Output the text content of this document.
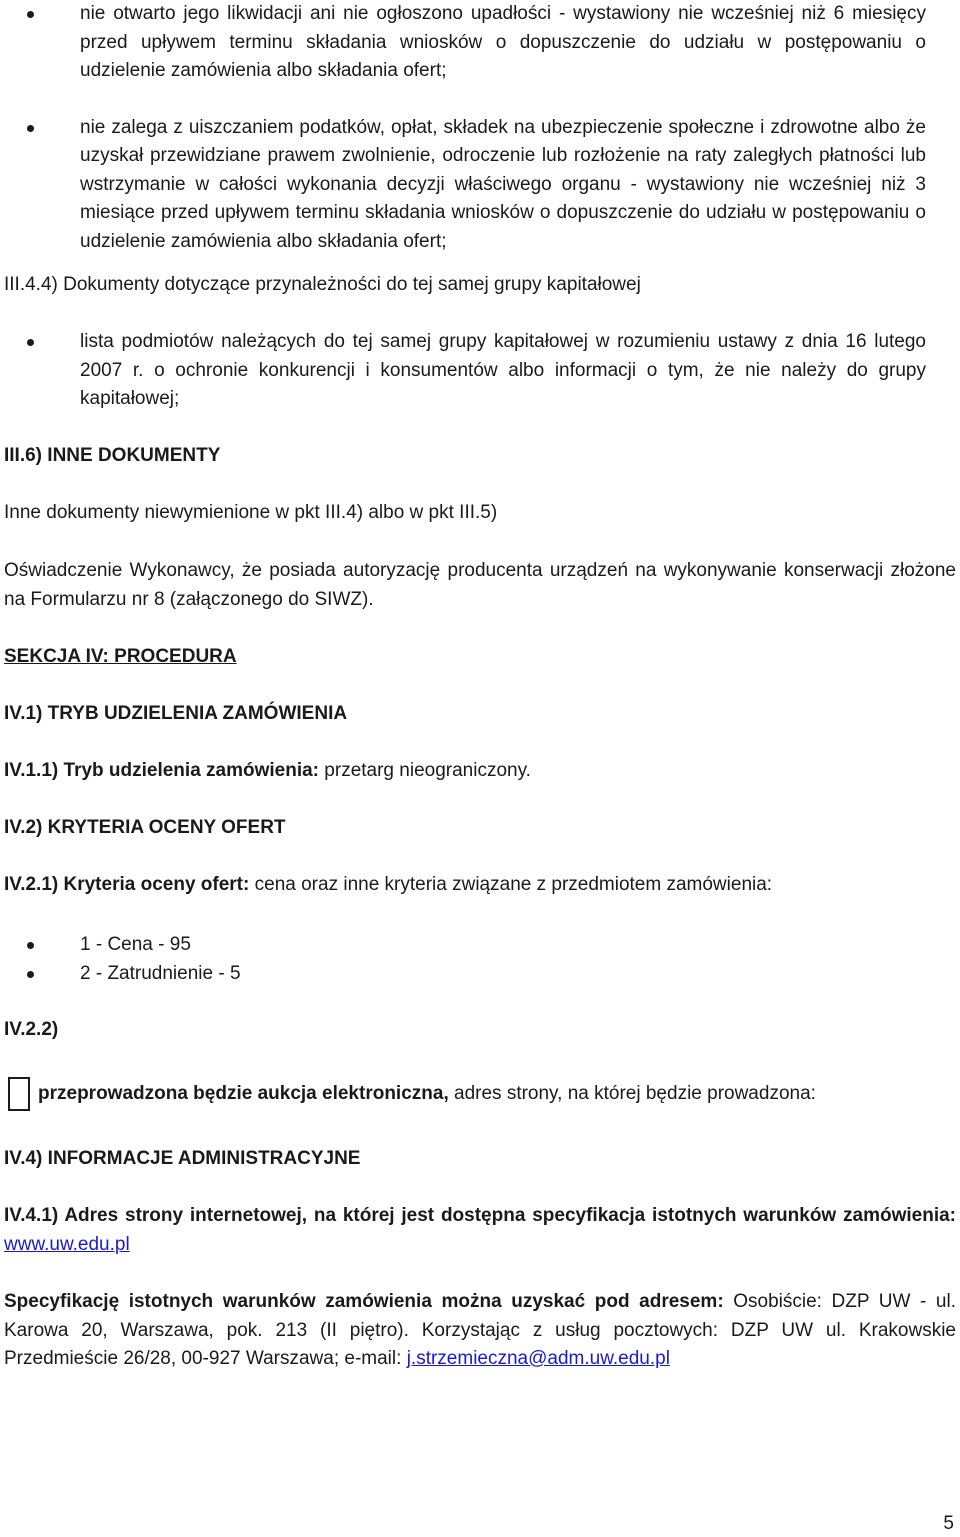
nie otwarto jego likwidacji ani nie ogłoszono upadłości - wystawiony nie wcześniej niż 6 miesięcy przed upływem terminu składania wniosków o dopuszczenie do udziału w postępowaniu o udzielenie zamówienia albo składania ofert;
nie zalega z uiszczaniem podatków, opłat, składek na ubezpieczenie społeczne i zdrowotne albo że uzyskał przewidziane prawem zwolnienie, odroczenie lub rozłożenie na raty zaległych płatności lub wstrzymanie w całości wykonania decyzji właściwego organu - wystawiony nie wcześniej niż 3 miesiące przed upływem terminu składania wniosków o dopuszczenie do udziału w postępowaniu o udzielenie zamówienia albo składania ofert;

III.4.4) Dokumenty dotyczące przynależności do tej samej grupy kapitałowej

lista podmiotów należących do tej samej grupy kapitałowej w rozumieniu ustawy z dnia 16 lutego 2007 r. o ochronie konkurencji i konsumentów albo informacji o tym, że nie należy do grupy kapitałowej;

III.6) INNE DOKUMENTY

Inne dokumenty niewymienione w pkt III.4) albo w pkt III.5)

Oświadczenie Wykonawcy, że posiada autoryzację producenta urządzeń na wykonywanie konserwacji złożone na Formularzu nr 8 (załączonego do SIWZ).

SEKCJA IV: PROCEDURA

IV.1) TRYB UDZIELENIA ZAMÓWIENIA

IV.1.1) Tryb udzielenia zamówienia: przetarg nieograniczony.

IV.2) KRYTERIA OCENY OFERT

IV.2.1) Kryteria oceny ofert: cena oraz inne kryteria związane z przedmiotem zamówienia:

1 - Cena - 95
2 - Zatrudnienie - 5

IV.2.2)

przeprowadzona będzie aukcja elektroniczna, adres strony, na której będzie prowadzona:

IV.4) INFORMACJE ADMINISTRACYJNE

IV.4.1) Adres strony internetowej, na której jest dostępna specyfikacja istotnych warunków zamówienia: www.uw.edu.pl

Specyfikację istotnych warunków zamówienia można uzyskać pod adresem: Osobiście: DZP UW - ul. Karowa 20, Warszawa, pok. 213 (II piętro). Korzystając z usług pocztowych: DZP UW ul. Krakowskie Przedmieście 26/28, 00-927 Warszawa; e-mail: j.strzemieczna@adm.uw.edu.pl

5
